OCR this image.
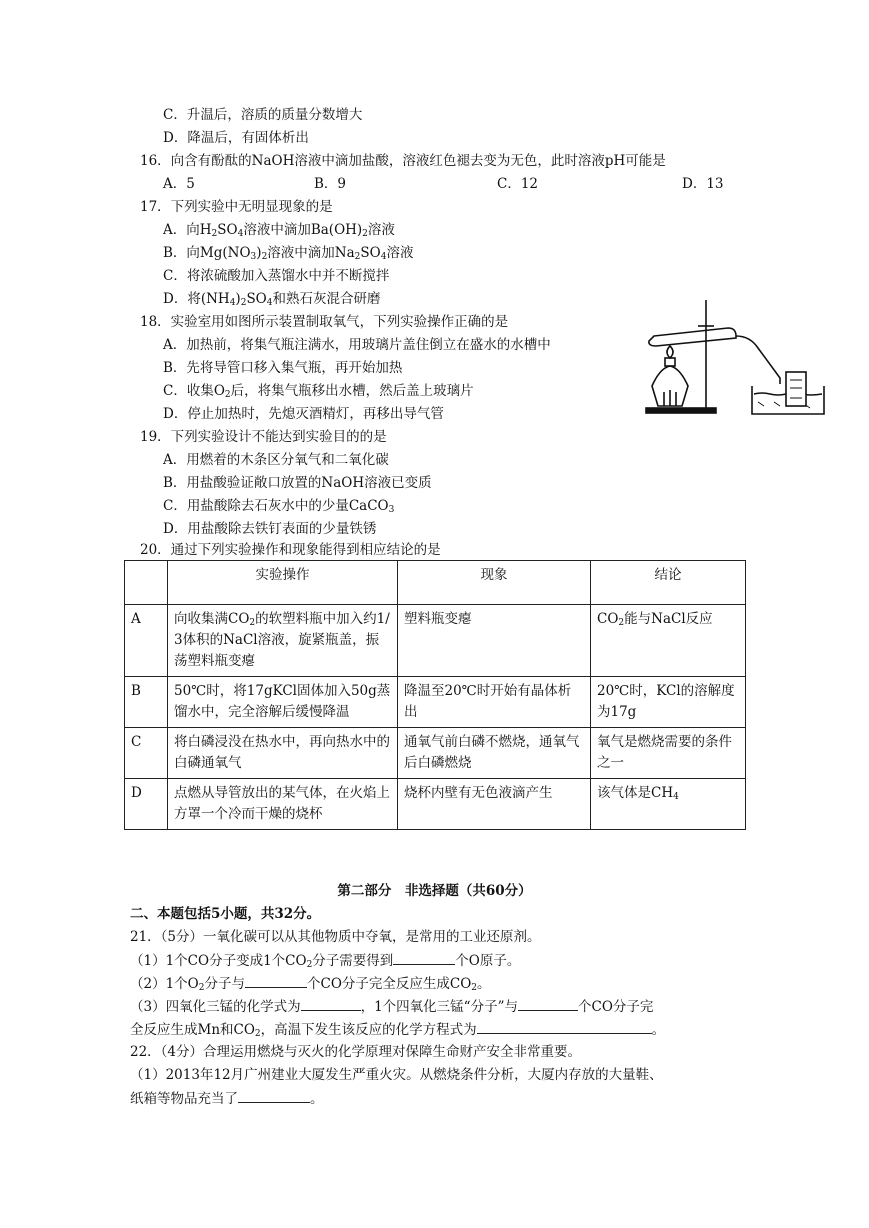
C．升温后，溶质的质量分数增大
D．降温后，有固体析出
16．向含有酚酞的NaOH溶液中滴加盐酸，溶液红色褪去变为无色，此时溶液pH可能是
A．5	B．9	C．12	D．13
17．下列实验中无明显现象的是
A．向$H_2SO_4$溶液中滴加$Ba(OH)_2$溶液
B．向$Mg(NO_3)_2$溶液中滴加$Na_2SO_4$溶液
C．将浓硫酸加入蒸馏水中并不断搅拌
D．将$(NH_4)_2SO_4$和熟石灰混合研磨
18．实验室用如图所示装置制取氧气，下列实验操作正确的是
A．加热前，将集气瓶注满水，用玻璃片盖住倒立在盛水的水槽中
B．先将导管口移入集气瓶，再开始加热
C．收集$O_2$后，将集气瓶移出水槽，然后盖上玻璃片
D．停止加热时，先熄灭酒精灯，再移出导气管
19．下列实验设计不能达到实验目的的是
A．用燃着的木条区分氧气和二氧化碳
B．用盐酸验证敞口放置的NaOH溶液已变质
C．用盐酸除去石灰水中的少量CaCO$_3$
D．用盐酸除去铁钉表面的少量铁锈
20．通过下列实验操作和现象能得到相应结论的是
	实验操作	现象	结论
A	向收集满$CO_2$的软塑料瓶中加入约1/3体积的NaCl溶液，旋紧瓶盖，振荡塑料瓶变瘪	塑料瓶变瘪	$CO_2$能与NaCl反应
B	50℃时，将17gKCl固体加入50g蒸馏水中，完全溶解后缓慢降温	降温至20℃时开始有晶体析出	20℃时，KCl的溶解度为17g
C	将白磷浸没在热水中，再向热水中的白磷通氧气	通氧气前白磷不燃烧，通氧气后白磷燃烧	氧气是燃烧需要的条件之一
D	点燃从导管放出的某气体，在火焰上方罩一个冷而干燥的烧杯	烧杯内壁有无色液滴产生	该气体是$CH_4$
第二部分　非选择题（共60分）
二、本题包括5小题，共32分。
21．（5分）一氧化碳可以从其他物质中夺氧，是常用的工业还原剂。
（1）1个CO分子变成1个$CO_2$分子需要得到	个O原子。
（2）1个$O_2$分子与	个CO分子完全反应生成$CO_2$。
（3）四氧化三锰的化学式为	，1个四氧化三锰“分子”与	个CO分子完
全反应生成Mn和$CO_2$，高温下发生该反应的化学方程式为	。
22．（4分）合理运用燃烧与灭火的化学原理对保障生命财产安全非常重要。
（1）2013年12月广州建业大厦发生严重火灾。从燃烧条件分析，大厦内存放的大量鞋、
纸箱等物品充当了	。
